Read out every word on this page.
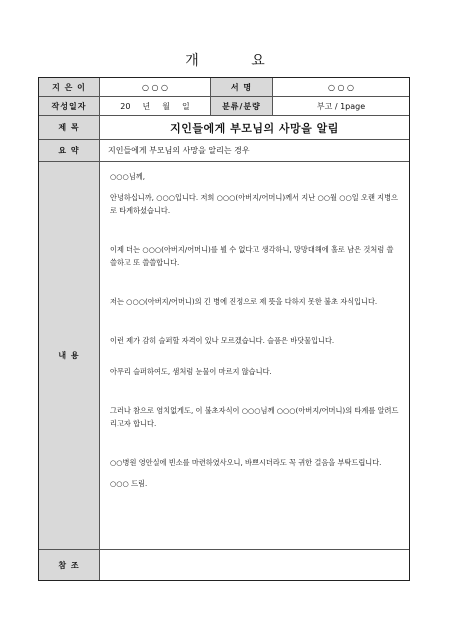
개 요
지 은 이	○ ○ ○	서 명	○ ○ ○
작성일자	20 년 월 일	분류/분량	부고 / 1page
제 목	지인들에게 부모님의 사망을 알림
요 약	지인들에게 부모님의 사망을 알리는 경우
내 용

○○○님께,

안녕하십니까, ○○○입니다. 저희 ○○○(아버지/어머니)께서 지난 ○○월 ○○일 오랜 지병으로 타계하셨습니다.

이제 더는 ○○○(아버지/어머니)를 뵐 수 없다고 생각하니, 망망대해에 홀로 남은 것처럼 쓸쓸하고 또 쓸쓸합니다.

저는 ○○○(아버지/어머니)의 긴 병에 진정으로 제 뜻을 다하지 못한 불초 자식입니다.

이런 제가 감히 슬퍼할 자격이 있나 모르겠습니다. 슬픔은 바닷물입니다.

아무리 슬퍼하여도, 샘처럼 눈물이 마르지 않습니다.

그러나 참으로 염치없게도, 이 불초자식이 ○○○님께 ○○○(아버지/어머니)의 타계를 알려드리고자 합니다.

○○병원 영안실에 빈소를 마련하였사오니, 바쁘시더라도 꼭 귀한 걸음을 부탁드립니다.

○○○ 드림.

참 조
